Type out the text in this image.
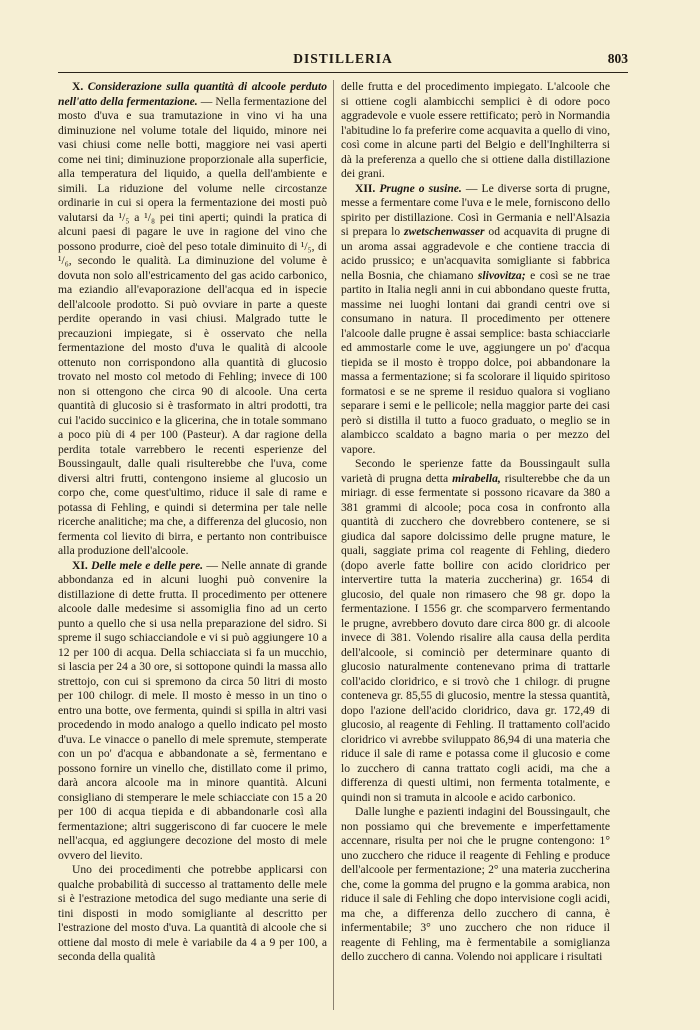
DISTILLERIA	803

X. Considerazione sulla quantità di alcoole perduto nell'atto della fermentazione. — Nella fermentazione del mosto d'uva e sua tramutazione in vino vi ha una diminuzione nel volume totale del liquido, minore nei vasi chiusi come nelle botti, maggiore nei vasi aperti come nei tini; diminuzione proporzionale alla superficie, alla temperatura del liquido, a quella dell'ambiente e simili. La riduzione del volume nelle circostanze ordinarie in cui si opera la fermentazione dei mosti può valutarsi da ¹/₅ a ¹/₈ pei tini aperti; quindi la pratica di alcuni paesi di pagare le uve in ragione del vino che possono produrre, cioè del peso totale diminuito di ¹/₅, di ¹/₆, secondo le qualità. La diminuzione del volume è dovuta non solo all'estricamento del gas acido carbonico, ma eziandio all'evaporazione dell'acqua ed in ispecie dell'alcoole prodotto. Si può ovviare in parte a queste perdite operando in vasi chiusi. Malgrado tutte le precauzioni impiegate, si è osservato che nella fermentazione del mosto d'uva le qualità di alcoole ottenuto non corrispondono alla quantità di glucosio trovato nel mosto col metodo di Fehling; invece di 100 non si ottengono che circa 90 di alcoole. Una certa quantità di glucosio si è trasformato in altri prodotti, tra cui l'acido succinico e la glicerina, che in totale sommano a poco più di 4 per 100 (Pasteur). A dar ragione della perdita totale varrebbero le recenti esperienze del Boussingault, dalle quali risulterebbe che l'uva, come diversi altri frutti, contengono insieme al glucosio un corpo che, come quest'ultimo, riduce il sale di rame e potassa di Fehling, e quindi si determina per tale nelle ricerche analitiche; ma che, a differenza del glucosio, non fermenta col lievito di birra, e pertanto non contribuisce alla produzione dell'alcoole.

XI. Delle mele e delle pere. — Nelle annate di grande abbondanza ed in alcuni luoghi può convenire la distillazione di dette frutta. Il procedimento per ottenere alcoole dalle medesime si assomiglia fino ad un certo punto a quello che si usa nella preparazione del sidro. Si spreme il sugo schiacciandole e vi si può aggiungere 10 a 12 per 100 di acqua. Della schiacciata si fa un mucchio, si lascia per 24 a 30 ore, si sottopone quindi la massa allo strettojo, con cui si spremono da circa 50 litri di mosto per 100 chilogr. di mele. Il mosto è messo in un tino o entro una botte, ove fermenta, quindi si spilla in altri vasi procedendo in modo analogo a quello indicato pel mosto d'uva. Le vinacce o panello di mele spremute, stemperate con un po' d'acqua e abbandonate a sè, fermentano e possono fornire un vinello che, distillato come il primo, darà ancora alcoole ma in minore quantità. Alcuni consigliano di stemperare le mele schiacciate con 15 a 20 per 100 di acqua tiepida e di abbandonarle così alla fermentazione; altri suggeriscono di far cuocere le mele nell'acqua, ed aggiungere decozione del mosto di mele ovvero del lievito.

Uno dei procedimenti che potrebbe applicarsi con qualche probabilità di successo al trattamento delle mele si è l'estrazione metodica del sugo mediante una serie di tini disposti in modo somigliante al descritto per l'estrazione del mosto d'uva. La quantità di alcoole che si ottiene dal mosto di mele è variabile da 4 a 9 per 100, a seconda della qualità

delle frutta e del procedimento impiegato. L'alcoole che si ottiene cogli alambicchi semplici è di odore poco aggradevole e vuole essere rettificato; però in Normandia l'abitudine lo fa preferire come acquavita a quello di vino, così come in alcune parti del Belgio e dell'Inghilterra si dà la preferenza a quello che si ottiene dalla distillazione dei grani.

XII. Prugne o susine. — Le diverse sorta di prugne, messe a fermentare come l'uva e le mele, forniscono dello spirito per distillazione. Così in Germania e nell'Alsazia si prepara lo zwetschenwasser od acquavita di prugne di un aroma assai aggradevole e che contiene traccia di acido prussico; e un'acquavita somigliante si fabbrica nella Bosnia, che chiamano slivovitza; e così se ne trae partito in Italia negli anni in cui abbondano queste frutta, massime nei luoghi lontani dai grandi centri ove si consumano in natura. Il procedimento per ottenere l'alcoole dalle prugne è assai semplice: basta schiacciarle ed ammostarle come le uve, aggiungere un po' d'acqua tiepida se il mosto è troppo dolce, poi abbandonare la massa a fermentazione; si fa scolorare il liquido spiritoso formatosi e se ne spreme il residuo qualora si vogliano separare i semi e le pellicole; nella maggior parte dei casi però si distilla il tutto a fuoco graduato, o meglio se in alambicco scaldato a bagno maria o per mezzo del vapore.

Secondo le sperienze fatte da Boussingault sulla varietà di prugna detta mirabella, risulterebbe che da un miriagr. di esse fermentate si possono ricavare da 380 a 381 grammi di alcoole; poca cosa in confronto alla quantità di zucchero che dovrebbero contenere, se si giudica dal sapore dolcissimo delle prugne mature, le quali, saggiate prima col reagente di Fehling, diedero (dopo averle fatte bollire con acido cloridrico per intervertire tutta la materia zuccherina) gr. 1654 di glucosio, del quale non rimasero che 98 gr. dopo la fermentazione. I 1556 gr. che scomparvero fermentando le prugne, avrebbero dovuto dare circa 800 gr. di alcoole invece di 381. Volendo risalire alla causa della perdita dell'alcoole, si cominciò per determinare quanto di glucosio naturalmente contenevano prima di trattarle coll'acido cloridrico, e si trovò che 1 chilogr. di prugne conteneva gr. 85,55 di glucosio, mentre la stessa quantità, dopo l'azione dell'acido cloridrico, dava gr. 172,49 di glucosio, al reagente di Fehling. Il trattamento coll'acido cloridrico vi avrebbe sviluppato 86,94 di una materia che riduce il sale di rame e potassa come il glucosio e come lo zucchero di canna trattato cogli acidi, ma che a differenza di questi ultimi, non fermenta totalmente, e quindi non si tramuta in alcoole e acido carbonico.

Dalle lunghe e pazienti indagini del Boussingault, che non possiamo qui che brevemente e imperfettamente accennare, risulta per noi che le prugne contengono: 1° uno zucchero che riduce il reagente di Fehling e produce dell'alcoole per fermentazione; 2° una materia zuccherina che, come la gomma del prugno e la gomma arabica, non riduce il sale di Fehling che dopo intervisione cogli acidi, ma che, a differenza dello zucchero di canna, è infermentabile; 3° uno zucchero che non riduce il reagente di Fehling, ma è fermentabile a somiglianza dello zucchero di canna. Volendo noi applicare i risultati
